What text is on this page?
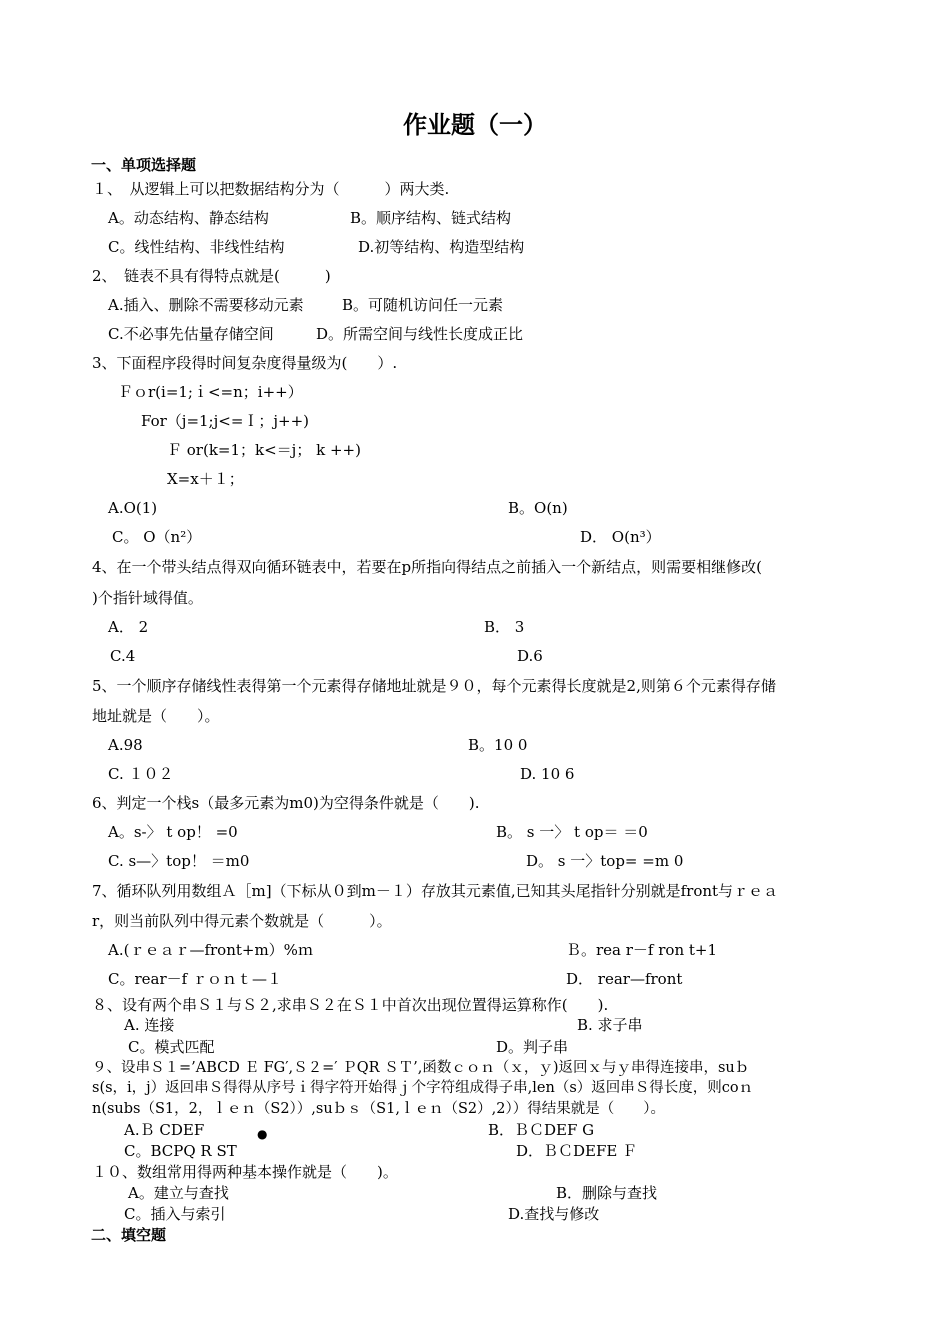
作业题（一）
一、单项选择题
１、　从逻辑上可以把数据结构分为（　　　）两大类.
A。动态结构、静态结构	B。顺序结构、链式结构
C。线性结构、非线性结构	D.初等结构、构造型结构
2、　链表不具有得特点就是(　　　)
A.插入、删除不需要移动元素	B。可随机访问任一元素
C.不必事先估量存储空间	D。所需空间与线性长度成正比
3、下面程序段得时间复杂度得量级为(　　）.
Ｆｏr(i=1;ｉ<=n；i++）
For（j=1;j<=Ｉ；j++)
Ｆ or(k=1；k<＝j； k ++)
X=x＋１；
A.O(1)	B。O(n)
C。 O（n²）	D． O(n³）
4、在一个带头结点得双向循环链表中，若要在p所指向得结点之前插入一个新结点，则需要相继修改(
)个指针域得值。
A． 2	B． 3
C.4	D.6
5、一个顺序存储线性表得第一个元素得存储地址就是９０，每个元素得长度就是2,则第６个元素得存储
地址就是（　　）。
A.98	B。10 0
C. １０２	D. 10 6
6、判定一个栈s（最多元素为m0)为空得条件就是（　　).
A。s-〉 t op！ =0	B。 s 一〉 t op＝ ＝0
C. s—〉top！ ＝m0	D。 s 一〉top= =m 0
7、循环队列用数组Ａ［m]（下标从０到m－１）存放其元素值,已知其头尾指针分别就是front与ｒｅａ
r，则当前队列中得元素个数就是（　　　）。
A.(ｒｅａｒ—front+m）%ｍ	Ｂ。rea r－f ron t+1
C。rear－f ｒｏｎｔ—１	D． rear—front
８、设有两个串Ｓ１与Ｓ２,求串Ｓ２在Ｓ１中首次出现位置得运算称作(　　).
A. 连接	B. 求子串
C。模式匹配	D。判子串
９、设串Ｓ１=’ABCD Ｅ FG′,Ｓ２=′ ＰQR ＳＴ’,函数ｃｏｎ（ｘ，ｙ)返回ｘ与ｙ串得连接串，suｂ
s(s，i，j）返回串Ｓ得得从序号ｉ得字符开始得ｊ个字符组成得子串,len（s）返回串Ｓ得长度，则coｎ
n(subs（S1，2，ｌｅｎ（S2））,suｂｓ（S1,ｌｅｎ（S2）,2））得结果就是（　　）。
A.Ｂ CDEF	●	B．ＢＣDEF G
C。BCPQ R ST	D．ＢＣDEFE Ｆ
１０、数组常用得两种基本操作就是（　　)。
A。建立与查找	B．删除与查找
C。插入与索引	D.查找与修改
二、填空题
